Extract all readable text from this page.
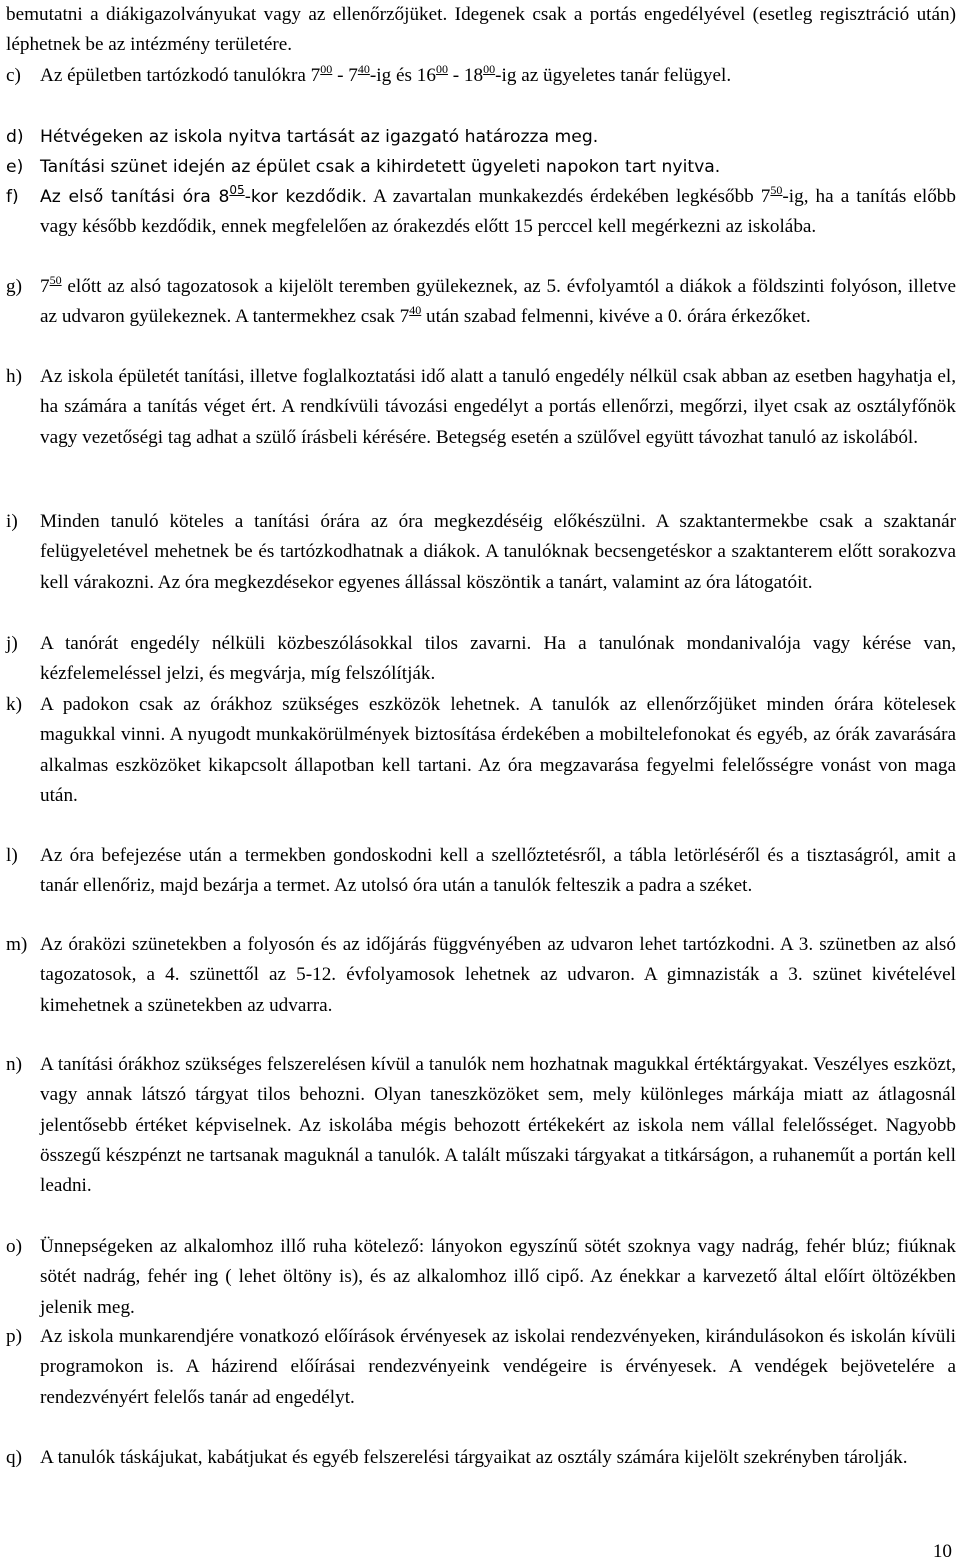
bemutatni a diákigazolványukat vagy az ellenőrzőjüket. Idegenek csak a portás engedélyével (esetleg regisztráció után) léphetnek be az intézmény területére.
c) Az épületben tartózkodó tanulókra $7^{00} - 7^{40}-ig$ és $16^{00} - 18^{00}-ig$ az ügyeletes tanár felügyel.
d) Hétvégeken az iskola nyitva tartását az igazgató határozza meg.
e) Tanítási szünet idején az épület csak a kihirdetett ügyeleti napokon tart nyitva.
f)	Az első tanítási óra $8^{05}$-kor kezdődik. A zavartalan munkakezdés érdekében legkésőbb $7^{50}-ig$, ha a tanítás előbb vagy később kezdődik, ennek megfelelően az órakezdés előtt 15 perccel kell megérkezni az iskolába.
g) $7^{50}$ előtt az alsó tagozatosok a kijelölt teremben gyülekeznek, az 5. évfolyamtól a diákok a földszinti folyóson, illetve az udvaron gyülekeznek. A tantermekhez csak $7^{40}$ után szabad felmenni, kivéve a 0. órára érkezőket.
h) Az iskola épületét tanítási, illetve foglalkoztatási idő alatt a tanuló engedély nélkül csak abban az esetben hagyhatja el, ha számára a tanítás véget ért. A rendkívüli távozási engedélyt a portás ellenőrzi, megőrzi, ilyet csak az osztályfőnök vagy vezetőségi tag adhat a szülő írásbeli kérésére. Betegség esetén a szülővel együtt távozhat tanuló az iskolából.
i)	Minden tanuló köteles a tanítási órára az óra megkezdéséig előkészülni. A szaktantermekbe csak a szaktanár felügyeletével mehetnek be és tartózkodhatnak a diákok. A tanulóknak becsengetéskor a szaktanterem előtt sorakozva kell várakozni. Az óra megkezdésekor egyenes állással köszöntik a tanárt, valamint az óra látogatóit.
j)	A tanórát engedély nélküli közbeszólásokkal tilos zavarni. Ha a tanulónak mondanivalója vagy kérése van, kézfelemeléssel jelzi, és megvárja, míg felszólítják.
k) A padokon csak az órákhoz szükséges eszközök lehetnek. A tanulók az ellenőrzőjüket minden órára kötelesek magukkal vinni. A nyugodt munkakörülmények biztosítása érdekében a mobiltelefonokat és egyéb, az órák zavarására alkalmas eszközöket kikapcsolt állapotban kell tartani. Az óra megzavarása fegyelmi felelősségre vonást von maga után.
l)	Az óra befejezése után a termekben gondoskodni kell a szellőztetésről, a tábla letörléséről és a tisztaságról, amit a tanár ellenőriz, majd bezárja a termet. Az utolsó óra után a tanulók felteszik a padra a széket.
m) Az óraközi szünetekben a folyosón és az időjárás függvényében az udvaron lehet tartózkodni. A 3. szünetben az alsó tagozatosok, a 4. szünettől az 5-12. évfolyamosok lehetnek az udvaron. A gimnazisták a 3. szünet kivételével kimehetnek a szünetekben az udvarra.
n) A tanítási órákhoz szükséges felszerelésen kívül a tanulók nem hozhatnak magukkal értéktárgyakat. Veszélyes eszközt, vagy annak látszó tárgyat tilos behozni. Olyan taneszközöket sem, mely különleges márkája miatt az átlagosnál jelentősebb értéket képviselnek. Az iskolába mégis behozott értékekért az iskola nem vállal felelősséget. Nagyobb összegű készpénzt ne tartsanak maguknál a tanulók. A talált műszaki tárgyakat a titkárságon, a ruhaneműt a portán kell leadni.
o) Ünnepségeken az alkalomhoz illő ruha kötelező: lányokon egyszínű sötét szoknya vagy nadrág, fehér blúz; fiúknak sötét nadrág, fehér ing ( lehet öltöny is), és az alkalomhoz illő cipő. Az énekkar a karvezető által előírt öltözékben jelenik meg.
p) Az iskola munkarendjére vonatkozó előírások érvényesek az iskolai rendezvényeken, kirándulásokon és iskolán kívüli programokon is. A házirend előírásai rendezvényeink vendégeire is érvényesek. A vendégek bejövetelére a rendezvényért felelős tanár ad engedélyt.
q) A tanulók táskájukat, kabátjukat és egyéb felszerelési tárgyaikat az osztály számára kijelölt szekrényben tárolják.
10
